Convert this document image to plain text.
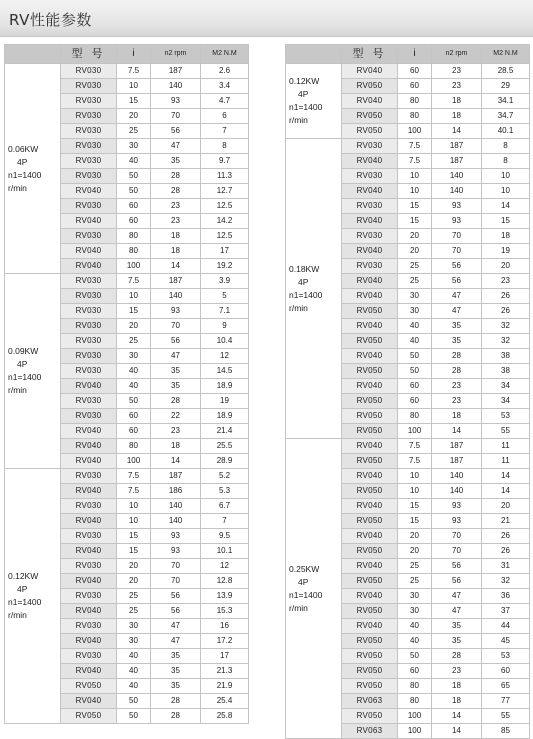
RV性能参数
	型 号	i	n2 rpm	M2 N.M

0.06KW
4P
n1=1400
r/min	RV030	7.5	187	2.6
	RV030	10	140	3.4
	RV030	15	93	4.7
	RV030	20	70	6
	RV030	25	56	7
	RV030	30	47	8
	RV030	40	35	9.7
	RV030	50	28	11.3
	RV040	50	28	12.7
	RV030	60	23	12.5
	RV040	60	23	14.2
	RV030	80	18	12.5
	RV040	80	18	17
	RV040	100	14	19.2

0.09KW
4P
n1=1400
r/min	RV030	7.5	187	3.9
	RV030	10	140	5
	RV030	15	93	7.1
	RV030	20	70	9
	RV030	25	56	10.4
	RV030	30	47	12
	RV030	40	35	14.5
	RV040	40	35	18.9
	RV030	50	28	19
	RV030	60	22	18.9
	RV040	60	23	21.4
	RV040	80	18	25.5
	RV040	100	14	28.9

0.12KW
4P
n1=1400
r/min	RV030	7.5	187	5.2
	RV040	7.5	186	5.3
	RV030	10	140	6.7
	RV040	10	140	7
	RV030	15	93	9.5
	RV040	15	93	10.1
	RV030	20	70	12
	RV040	20	70	12.8
	RV030	25	56	13.9
	RV040	25	56	15.3
	RV030	30	47	16
	RV040	30	47	17.2
	RV030	40	35	17
	RV040	40	35	21.3
	RV050	40	35	21.9
	RV040	50	28	25.4
	RV050	50	28	25.8
	型 号	i	n2 rpm	M2 N.M

0.12KW
4P
n1=1400
r/min	RV040	60	23	28.5
	RV050	60	23	29
	RV040	80	18	34.1
	RV050	80	18	34.7
	RV050	100	14	40.1

0.18KW
4P
n1=1400
r/min	RV030	7.5	187	8
	RV040	7.5	187	8
	RV030	10	140	10
	RV040	10	140	10
	RV030	15	93	14
	RV040	15	93	15
	RV030	20	70	18
	RV040	20	70	19
	RV030	25	56	20
	RV040	25	56	23
	RV040	30	47	26
	RV050	30	47	26
	RV040	40	35	32
	RV050	40	35	32
	RV040	50	28	38
	RV050	50	28	38
	RV040	60	23	34
	RV050	60	23	34
	RV050	80	18	53
	RV050	100	14	55

0.25KW
4P
n1=1400
r/min	RV040	7.5	187	11
	RV050	7.5	187	11
	RV040	10	140	14
	RV050	10	140	14
	RV040	15	93	20
	RV050	15	93	21
	RV040	20	70	26
	RV050	20	70	26
	RV040	25	56	31
	RV050	25	56	32
	RV040	30	47	36
	RV050	30	47	37
	RV040	40	35	44
	RV050	40	35	45
	RV050	50	28	53
	RV050	60	23	60
	RV050	80	18	65
	RV063	80	18	77
	RV050	100	14	55
	RV063	100	14	85
